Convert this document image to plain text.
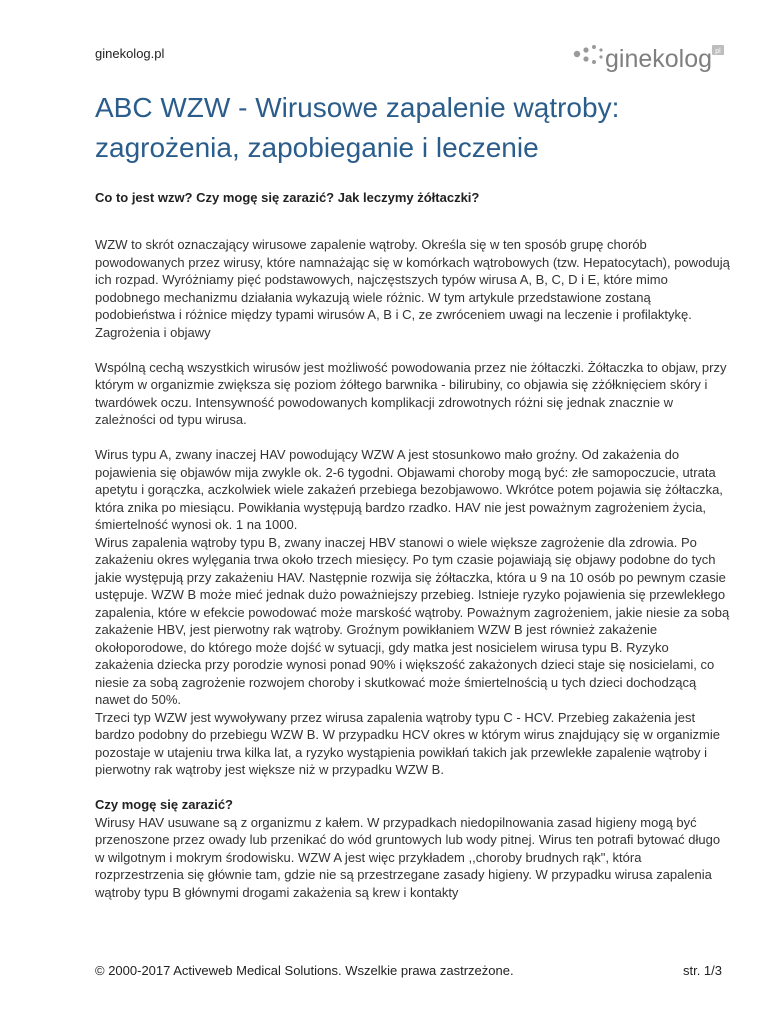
ginekolog.pl	ginekolog pl
ABC WZW - Wirusowe zapalenie wątroby: zagrożenia, zapobieganie i leczenie

Co to jest wzw? Czy mogę się zarazić? Jak leczymy żółtaczki?

WZW to skrót oznaczający wirusowe zapalenie wątroby. Określa się w ten sposób grupę chorób powodowanych przez wirusy, które namnażając się w komórkach wątrobowych (tzw. Hepatocytach), powodują ich rozpad. Wyróżniamy pięć podstawowych, najczęstszych typów wirusa A, B, C, D i E, które mimo podobnego mechanizmu działania wykazują wiele różnic. W tym artykule przedstawione zostaną podobieństwa i różnice między typami wirusów A, B i C, ze zwróceniem uwagi na leczenie i profilaktykę.

Zagrożenia i objawy

Wspólną cechą wszystkich wirusów jest możliwość powodowania przez nie żółtaczki. Żółtaczka to objaw, przy którym w organizmie zwiększa się poziom żółtego barwnika - bilirubiny, co objawia się zżółknięciem skóry i twardówek oczu. Intensywność powodowanych komplikacji zdrowotnych różni się jednak znacznie w zależności od typu wirusa.

Wirus typu A, zwany inaczej HAV powodujący WZW A jest stosunkowo mało groźny. Od zakażenia do pojawienia się objawów mija zwykle ok. 2-6 tygodni. Objawami choroby mogą być: złe samopoczucie, utrata apetytu i gorączka, aczkolwiek wiele zakażeń przebiega bezobjawowo. Wkrótce potem pojawia się żółtaczka, która znika po miesiącu. Powikłania występują bardzo rzadko. HAV nie jest poważnym zagrożeniem życia, śmiertelność wynosi ok. 1 na 1000.

Wirus zapalenia wątroby typu B, zwany inaczej HBV stanowi o wiele większe zagrożenie dla zdrowia. Po zakażeniu okres wylęgania trwa około trzech miesięcy. Po tym czasie pojawiają się objawy podobne do tych jakie występują przy zakażeniu HAV. Następnie rozwija się żółtaczka, która u 9 na 10 osób po pewnym czasie ustępuje. WZW B może mieć jednak dużo poważniejszy przebieg. Istnieje ryzyko pojawienia się przewlekłego zapalenia, które w efekcie powodować może marskość wątroby. Poważnym zagrożeniem, jakie niesie za sobą zakażenie HBV, jest pierwotny rak wątroby. Groźnym powikłaniem WZW B jest również zakażenie okołoporodowe, do którego może dojść w sytuacji, gdy matka jest nosicielem wirusa typu B. Ryzyko zakażenia dziecka przy porodzie wynosi ponad 90% i większość zakażonych dzieci staje się nosicielami, co niesie za sobą zagrożenie rozwojem choroby i skutkować może śmiertelnością u tych dzieci dochodzącą nawet do 50%.

Trzeci typ WZW jest wywoływany przez wirusa zapalenia wątroby typu C - HCV. Przebieg zakażenia jest bardzo podobny do przebiegu WZW B. W przypadku HCV okres w którym wirus znajdujący się w organizmie pozostaje w utajeniu trwa kilka lat, a ryzyko wystąpienia powikłań takich jak przewlekłe zapalenie wątroby i pierwotny rak wątroby jest większe niż w przypadku WZW B.

Czy mogę się zarazić?

Wirusy HAV usuwane są z organizmu z kałem. W przypadkach niedopilnowania zasad higieny mogą być przenoszone przez owady lub przenikać do wód gruntowych lub wody pitnej. Wirus ten potrafi bytować długo w wilgotnym i mokrym środowisku. WZW A jest więc przykładem ,,choroby brudnych rąk", która rozprzestrzenia się głównie tam, gdzie nie są przestrzegane zasady higieny. W przypadku wirusa zapalenia wątroby typu B głównymi drogami zakażenia są krew i kontakty

© 2000-2017 Activeweb Medical Solutions. Wszelkie prawa zastrzeżone.	str. 1/3
